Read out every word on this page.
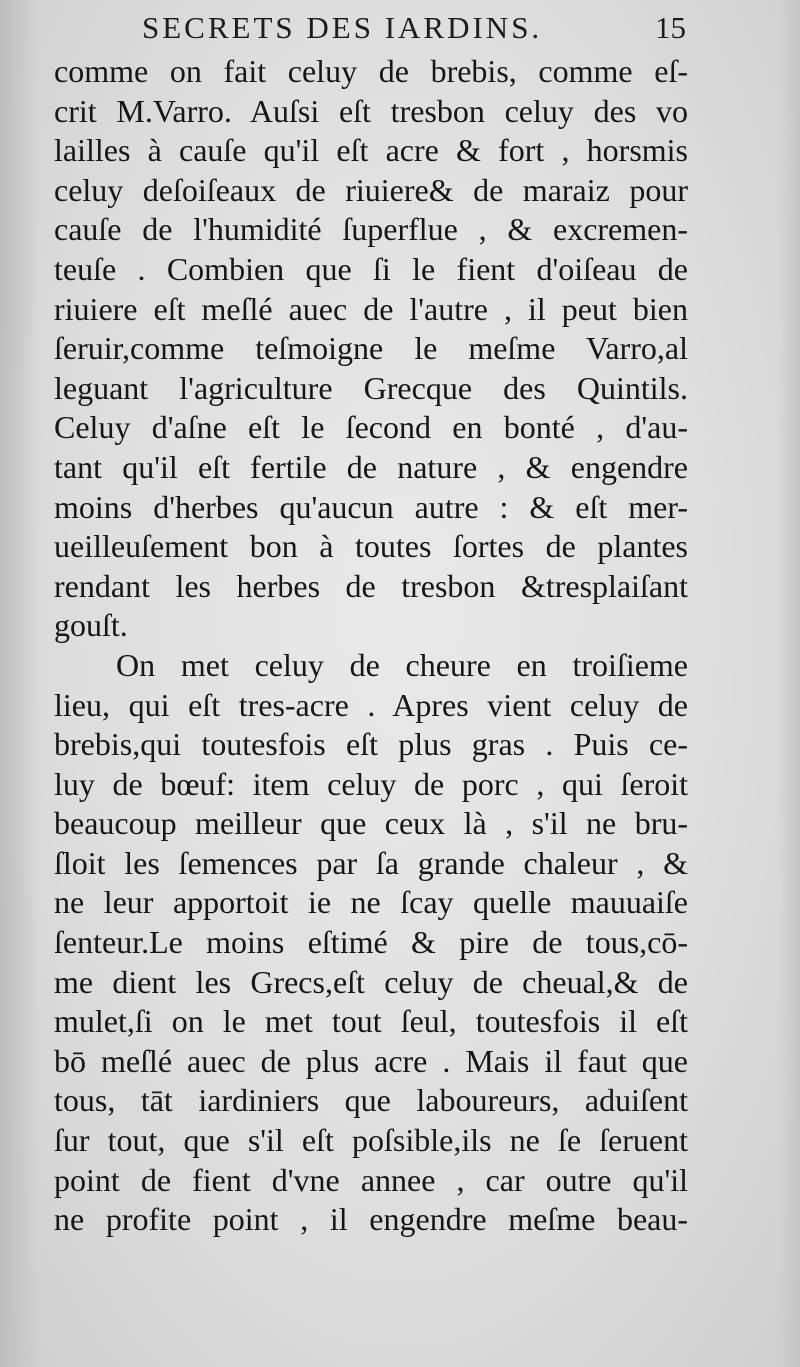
SECRETS DES IARDINS.	15
comme on fait celuy de brebis, comme eſ-
crit M.Varro. Auſsi eſt tresbon celuy des vo
lailles à cauſe qu'il eſt acre & fort , horsmis
celuy deſoiſeaux de riuiere& de maraiz pour
cauſe de l'humidité ſuperflue , & excremen-
teuſe . Combien que ſi le fient d'oiſeau de
riuiere eſt meſlé auec de l'autre , il peut bien
ſeruir,comme teſmoigne le meſme Varro,al
leguant l'agriculture Grecque des Quintils.
Celuy d'aſne eſt le ſecond en bonté , d'au-
tant qu'il eſt fertile de nature , & engendre
moins d'herbes qu'aucun autre : & eſt mer-
ueilleuſement bon à toutes ſortes de plantes
rendant les herbes de tresbon &tresplaiſant
gouſt.
On met celuy de cheure en troiſieme
lieu, qui eſt tres-acre . Apres vient celuy de
brebis,qui toutesfois eſt plus gras . Puis ce-
luy de bœuf: item celuy de porc , qui ſeroit
beaucoup meilleur que ceux là , s'il ne bru-
ſloit les ſemences par ſa grande chaleur , &
ne leur apportoit ie ne ſcay quelle mauuaiſe
ſenteur.Le moins eſtimé & pire de tous,cō-
me dient les Grecs,eſt celuy de cheual,& de
mulet,ſi on le met tout ſeul, toutesfois il eſt
bō meſlé auec de plus acre . Mais il faut que
tous, tāt iardiniers que laboureurs, aduiſent
ſur tout, que s'il eſt poſsible,ils ne ſe ſeruent
point de fient d'vne annee , car outre qu'il
ne profite point , il engendre meſme beau-
